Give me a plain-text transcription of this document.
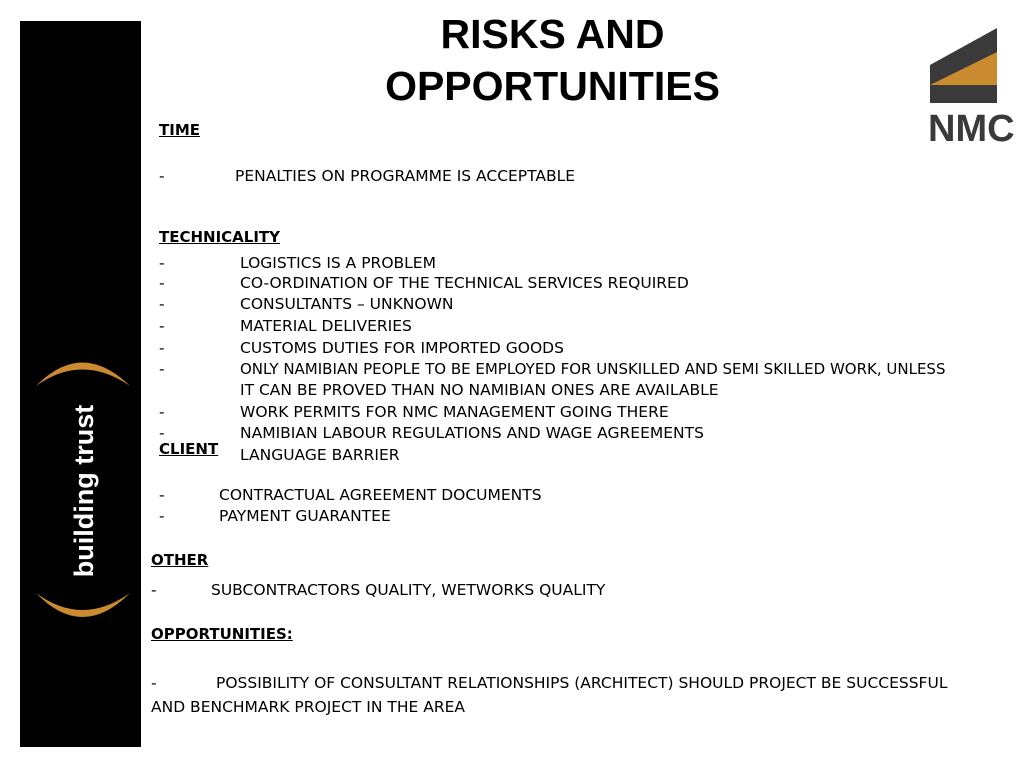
building trust
RISKS AND
OPPORTUNITIES
NMC
TIME
-	PENALTIES ON PROGRAMME IS ACCEPTABLE
TECHNICALITY
-	LOGISTICS IS A PROBLEM
-	CO-ORDINATION OF THE TECHNICAL SERVICES REQUIRED
-	CONSULTANTS – UNKNOWN
-	MATERIAL DELIVERIES
-	CUSTOMS DUTIES FOR IMPORTED GOODS
-	ONLY NAMIBIAN PEOPLE TO BE EMPLOYED FOR UNSKILLED AND SEMI SKILLED WORK, UNLESS
IT CAN BE PROVED THAN NO NAMIBIAN ONES ARE AVAILABLE
-	WORK PERMITS FOR NMC MANAGEMENT GOING THERE
-	NAMIBIAN LABOUR REGULATIONS AND WAGE AGREEMENTS
LANGUAGE BARRIER
CLIENT
-	CONTRACTUAL AGREEMENT DOCUMENTS
-	PAYMENT GUARANTEE
OTHER
-	SUBCONTRACTORS QUALITY, WETWORKS QUALITY
OPPORTUNITIES:
-	POSSIBILITY OF CONSULTANT RELATIONSHIPS (ARCHITECT) SHOULD PROJECT BE SUCCESSFUL
AND BENCHMARK PROJECT IN THE AREA
